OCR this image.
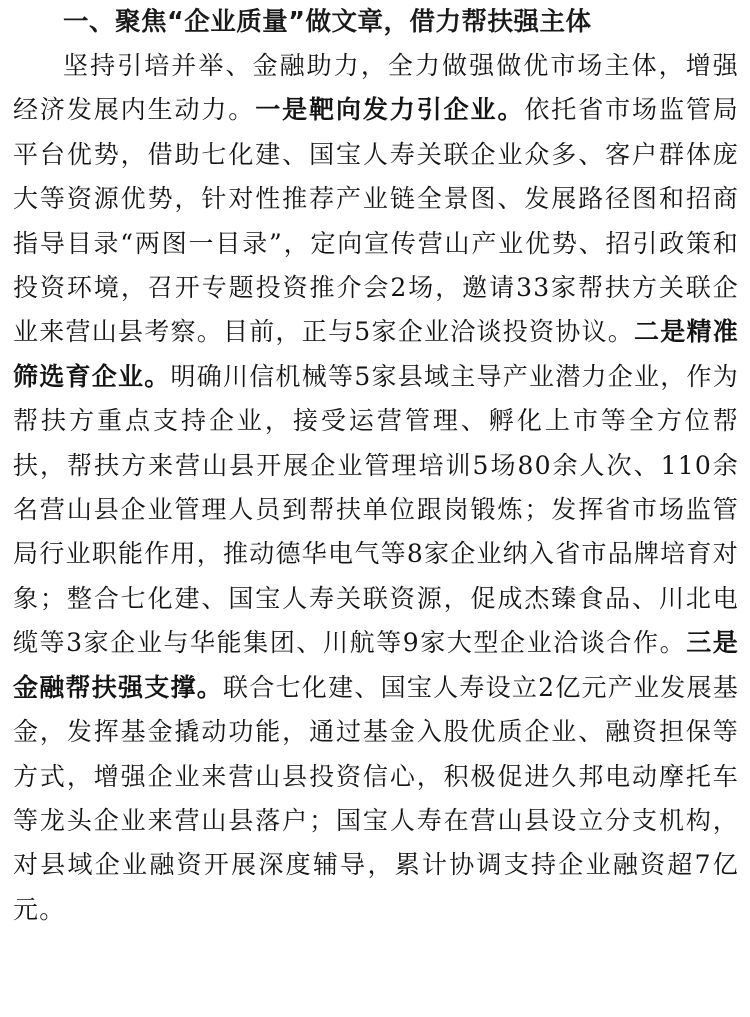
一、聚焦“企业质量”做文章，借力帮扶强主体

坚持引培并举、金融助力，全力做强做优市场主体，增强经济发展内生动力。一是靶向发力引企业。依托省市场监管局平台优势，借助七化建、国宝人寿关联企业众多、客户群体庞大等资源优势，针对性推荐产业链全景图、发展路径图和招商指导目录“两图一目录”，定向宣传营山产业优势、招引政策和投资环境，召开专题投资推介会2场，邀请33家帮扶方关联企业来营山县考察。目前，正与5家企业洽谈投资协议。二是精准筛选育企业。明确川信机械等5家县域主导产业潜力企业，作为帮扶方重点支持企业，接受运营管理、孵化上市等全方位帮扶，帮扶方来营山县开展企业管理培训5场80余人次、110余名营山县企业管理人员到帮扶单位跟岗锻炼；发挥省市场监管局行业职能作用，推动德华电气等8家企业纳入省市品牌培育对象；整合七化建、国宝人寿关联资源，促成杰臻食品、川北电缆等3家企业与华能集团、川航等9家大型企业洽谈合作。三是金融帮扶强支撑。联合七化建、国宝人寿设立2亿元产业发展基金，发挥基金撬动功能，通过基金入股优质企业、融资担保等方式，增强企业来营山县投资信心，积极促进久邦电动摩托车等龙头企业来营山县落户；国宝人寿在营山县设立分支机构，对县域企业融资开展深度辅导，累计协调支持企业融资超7亿元。
